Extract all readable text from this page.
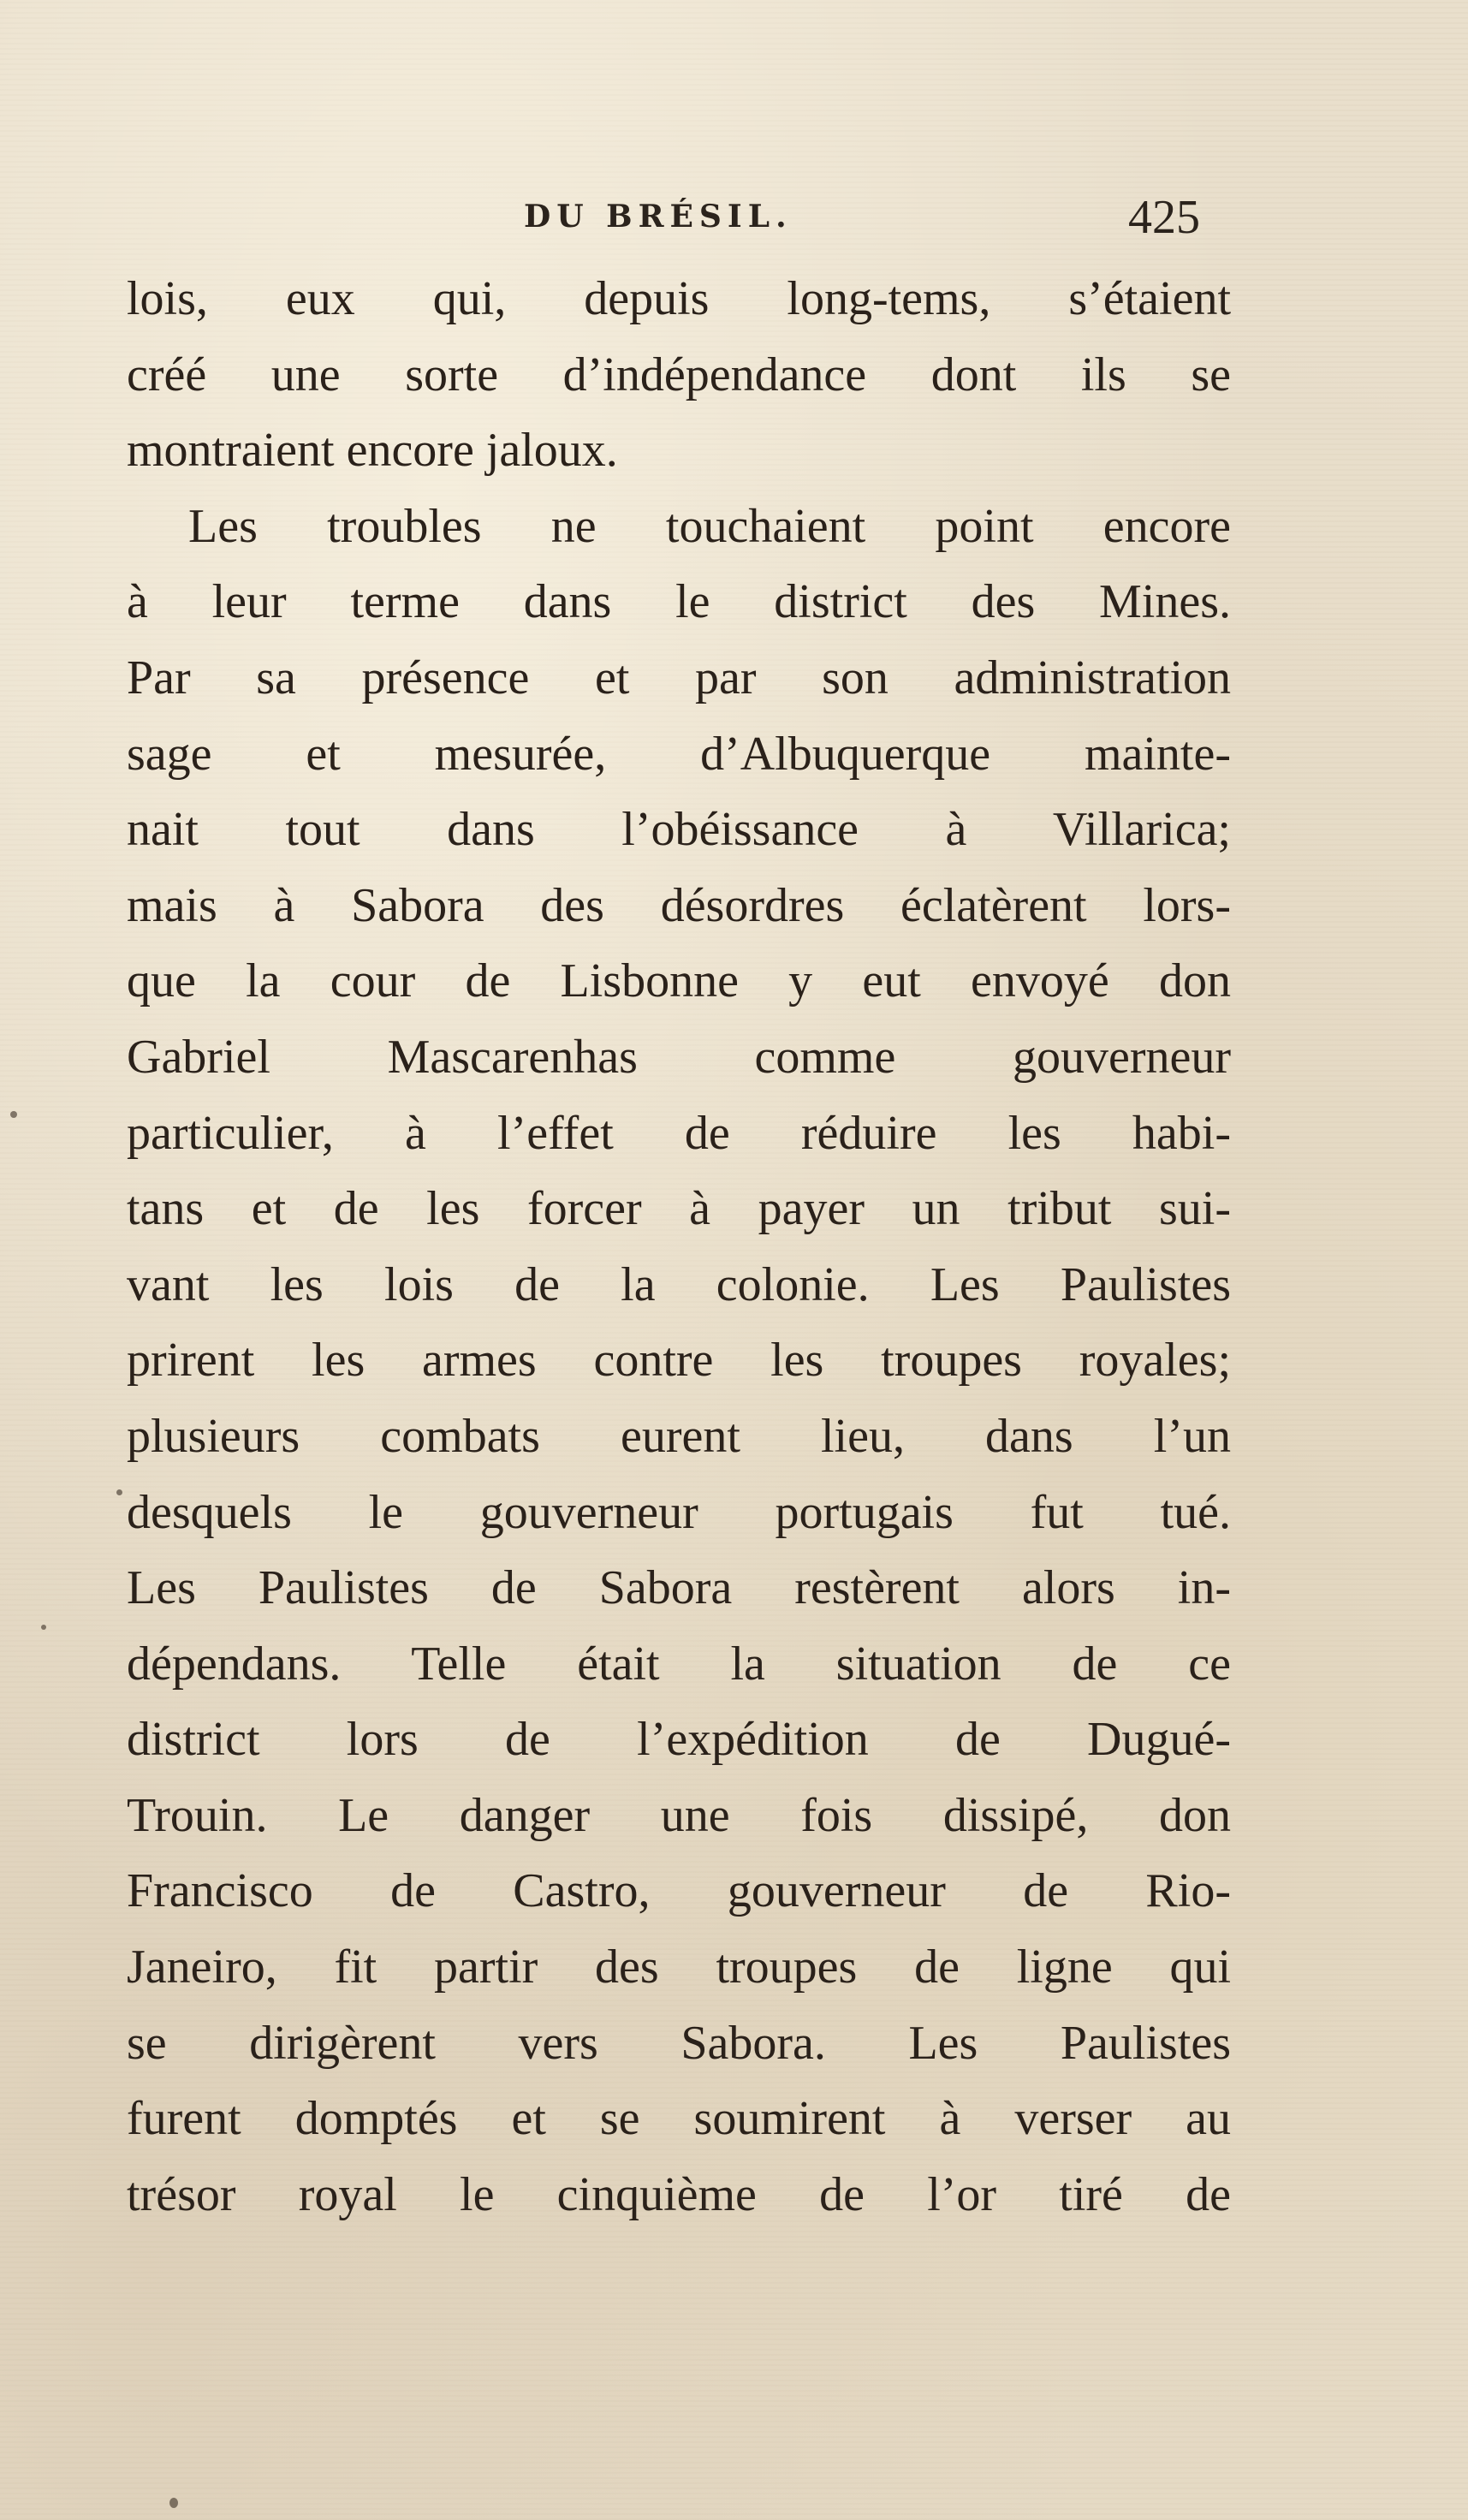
DU BRÉSIL.	425
lois, eux qui, depuis long-tems, s’étaient
créé une sorte d’indépendance dont ils se
montraient encore jaloux.
Les troubles ne touchaient point encore
à leur terme dans le district des Mines.
Par sa présence et par son administration
sage et mesurée, d’Albuquerque mainte-
nait tout dans l’obéissance à Villarica;
mais à Sabora des désordres éclatèrent lors-
que la cour de Lisbonne y eut envoyé don
Gabriel Mascarenhas comme gouverneur
particulier, à l’effet de réduire les habi-
tans et de les forcer à payer un tribut sui-
vant les lois de la colonie. Les Paulistes
prirent les armes contre les troupes royales;
plusieurs combats eurent lieu, dans l’un
desquels le gouverneur portugais fut tué.
Les Paulistes de Sabora restèrent alors in-
dépendans. Telle était la situation de ce
district lors de l’expédition de Dugué-
Trouin. Le danger une fois dissipé, don
Francisco de Castro, gouverneur de Rio-
Janeiro, fit partir des troupes de ligne qui
se dirigèrent vers Sabora. Les Paulistes
furent domptés et se soumirent à verser au
trésor royal le cinquième de l’or tiré de
